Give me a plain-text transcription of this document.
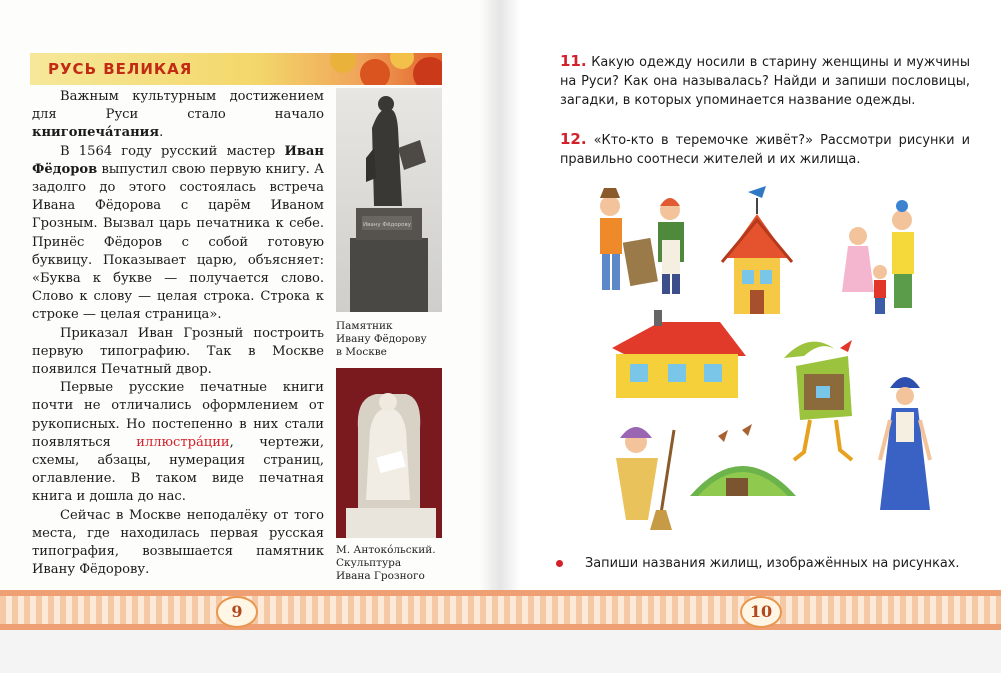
РУСЬ ВЕЛИКАЯ

Важным культурным достижением для Руси стало начало книгопеча́тания.

В 1564 году русский мастер Иван Фёдоров выпустил свою первую книгу. А задолго до этого состоялась встреча Ивана Фёдорова с царём Иваном Грозным. Вызвал царь печатника к себе. Принёс Фёдоров с собой готовую буквицу. Показывает царю, объясняет: «Буква к букве — получается слово. Слово к слову — целая строка. Строка к строке — целая страница».

Приказал Иван Грозный построить первую типографию. Так в Москве появился Печатный двор.

Первые русские печатные книги почти не отличались оформлением от рукописных. Но постепенно в них стали появляться иллюстра́ции, чертежи, схемы, абзацы, нумерация страниц, оглавление. В таком виде печатная книга и дошла до нас.

Сейчас в Москве неподалёку от того места, где находилась первая русская типография, возвышается памятник Ивану Фёдорову.

Ивану Фёдорову
Памятник
Ивану Фёдорову
в Москве
М. Антоко́льский.
Скульптура
Ивана Грозного
11. Какую одежду носили в старину женщины и мужчины на Руси? Как она называлась? Найди и запиши пословицы, загадки, в которых упоминается название одежды.
12. «Кто-кто в теремочке живёт?» Рассмотри рисунки и правильно соотнеси жителей и их жилища.
Запиши названия жилищ, изображённых на рисунках.
9	10
